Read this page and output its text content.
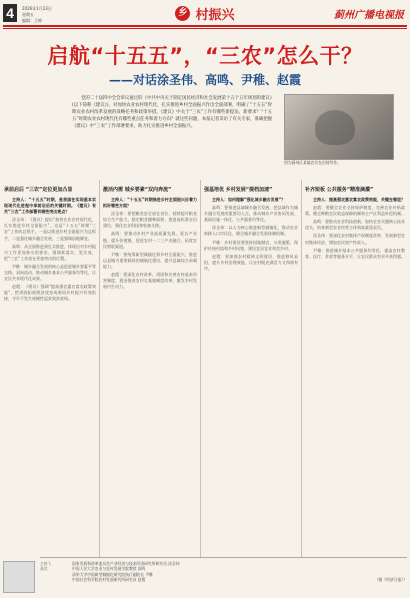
4	2026年1月23日
星期五
编辑：王婷
乡 村振兴	蓟州广播电视报
启航“十五五”，“三农”怎么干？
——对话涂圣伟、高鸣、尹稚、赵霞

党的二十届四中全会审议通过的《中共中央关于制定国民经济和社会发展第十五个五年规划的建议》(以下简称《建议》)，对加快农业农村现代化，扎实推进乡村全面振兴作出全面部署，明确了“十五五”时期农业农村改革发展的战略任务和政策举措。《建议》中关于“三农”工作有哪些新提法、新要求？“十五五”时期农业农村现代化有哪些重点任务和着力方向？就这些问题，本报记者采访了有关专家，准确把握《建议》中“三农”工作部署要求，助力扎实推进乡村全面振兴。

图为蓟州区某镇农民在田间劳作。
承前启后 “三农”定位更加凸显

主持人：“十五五”时期，是我国在实现基本实现现代化进程中承前启后的关键时期。《建议》有关“三农”工作部署有哪些突出亮点？

涂圣伟：《建议》提出“加快农业农村现代化，扎实推进乡村全面振兴”，这是“十五五”时期“三农”工作的总抓手。一是以推进乡村全面振兴为总抓手，二是强化城乡融合发展，三是强调因地制宜。

高鸣：从全面推进到扎实推进，体现出对乡村振兴工作更加务实的要求，强调抓落实、见实效，把“三农”工作放在更加突出的位置。

尹稚：城乡融合发展的核心是促进城乡要素平等交换、双向流动，推动城乡基本公共服务均等化，让农民共享现代化成果。

赵霞：《建议》强调“提高强农惠农富农政策效能”，把巩固拓展脱贫攻坚成果同乡村振兴有效衔接，守牢不发生规模性返贫致贫底线。

激活内需 城乡要素“双向奔流”

主持人：“十五五”时期推进乡村全面振兴应着力抓好哪些方面？

涂圣伟：要把粮食安全放在首位，持续提升粮食综合生产能力，稳定粮食播种面积，推进高标准农田建设，强化农业科技和装备支撑。

高鸣：要推动乡村产业高质量发展，延长产业链、提升价值链，促进农村一二三产业融合，拓宽农民增收渠道。

尹稚：要统筹新型城镇化和乡村全面振兴，推进以县城为重要载体的城镇化建设，提升县域综合承载能力。

赵霞：要深化农村改革，巩固和完善农村基本经营制度，稳妥推进农村宅基地制度改革，激发乡村发展内生动力。

强基培优 乡村发展“提档加速”

主持人：如何理解“强化城乡融合发展”？

高鸣：要推进县域城乡融合发展，把县域作为城乡融合发展的重要切入点，推动城乡产业协同发展、基础设施一体化、公共服务均等化。

涂圣伟：以人为核心推进新型城镇化，推动农业转移人口市民化，健全城乡融合发展体制机制。

尹稚：乡村建设要坚持因地制宜、分类施策，保护传统村落和乡村风貌，建设宜居宜业和美乡村。

赵霞：要加强农村精神文明建设，推进移风易俗，提升乡村治理效能，让农村既充满活力又和谐有序。

补齐短板 公共服务“精准滴灌”

主持人：提高强农惠农富农政策效能，关键在哪里？

赵霞：要健全农业支持保护制度，完善农业补贴政策，健全种粮农民收益保障机制和主产区利益补偿机制。

高鸣：要推动农业科技创新，加快农业关键核心技术攻关，培育新型农业经营主体和高素质农民。

涂圣伟：要深化农村集体产权制度改革，发展新型农村集体经济，增加农民财产性收入。

尹稚：推进城乡基本公共服务均等化，提高农村教育、医疗、养老等服务水平，让农民群众有更多获得感。

主持人	国家发展和改革委员会产业经济与技术经济研究所研究员 涂圣伟
嘉宾	中国人民大学农业与农村发展学院教授 高鸣
清华大学中国新型城镇化研究院执行副院长 尹稚
中国社会科学院农村发展研究所研究员 赵霞	（据《经济日报》）
